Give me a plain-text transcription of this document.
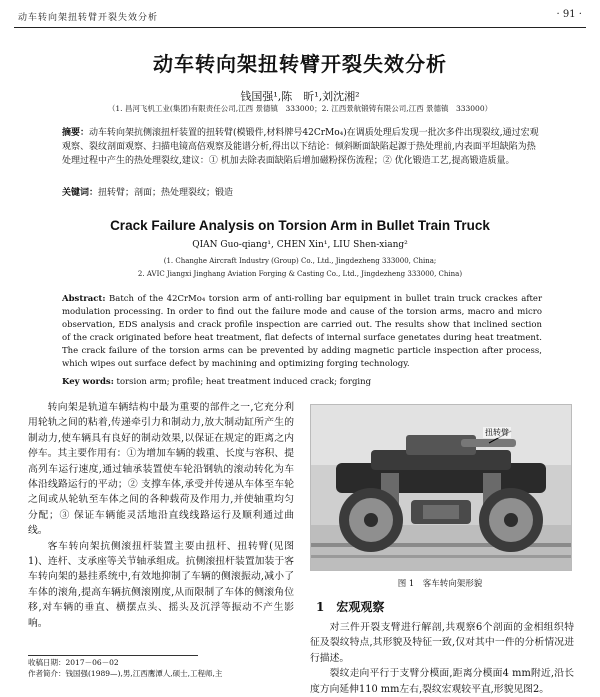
动车转向架扭转臂开裂失效分析	· 91 ·
动车转向架扭转臂开裂失效分析
钱国强¹,陈　昕¹,刘沈湘²
（1. 昌河飞机工业(集团)有限责任公司,江西 景德镇　333000；2. 江西景航锻铸有限公司,江西 景德镇　333000）
摘要：动车转向架抗侧滚扭杆装置的扭转臂(模锻件,材料牌号42CrMo₄)在调质处理后发现一批次多件出现裂纹,通过宏观观察、裂纹剖面观察、扫描电镜高倍观察及能谱分析,得出以下结论：倾斜断面缺陷起源于热处理前,内表面平坦缺陷为热处理过程中产生的热处理裂纹,建议：① 机加去除表面缺陷后增加磁粉探伤流程；② 优化锻造工艺,提高锻造质量。
关键词：扭转臂；剖面；热处理裂纹；锻造
Crack Failure Analysis on Torsion Arm in Bullet Train Truck
QIAN Guo-qiang¹, CHEN Xin¹, LIU Shen-xiang²
(1. Changhe Aircraft Industry (Group) Co., Ltd., Jingdezheng 333000, China;
2. AVIC Jiangxi Jinghang Aviation Forging & Casting Co., Ltd., Jingdezheng 333000, China)
Abstract: Batch of the 42CrMo₄ torsion arm of anti-rolling bar equipment in bullet train truck crackes after modulation processing. In order to find out the failure mode and cause of the torsion arms, macro and micro observation, EDS analysis and crack profile inspection are carried out. The results show that inclined section of the crack originated before heat treatment, flat defects of internal surface genetates during heat treatment. The crack failure of the torsion arms can be prevented by adding magnetic particle inspection after process, which wipes out surface defect by machining and optimizing forging technology.
Key words: torsion arm; profile; heat treatment induced crack; forging

转向架是轨道车辆结构中最为重要的部件之一,它充分利用轮轨之间的粘着,传递牵引力和制动力,放大制动缸所产生的制动力,使车辆具有良好的制动效果,以保证在规定的距离之内停车。其主要作用有：①为增加车辆的载重、长度与容积、提高列车运行速度,通过轴承装置使车轮沿钢轨的滚动转化为车体沿线路运行的平动；② 支撑车体,承受并传递从车体至车轮之间或从轮轨至车体之间的各种载荷及作用力,并使轴重均匀分配；③ 保证车辆能灵活地沿直线线路运行及顺利通过曲线。

客车转向架抗侧滚扭杆装置主要由扭杆、扭转臂(见图1)、连杆、支承座等关节轴承组成。抗侧滚扭杆装置加装于客车转向架的悬挂系统中,有效地抑制了车辆的侧滚振动,减小了车体的滚角,提高车辆抗侧滚刚度,从而限制了车体的侧滚角位移,对车辆的垂直、横摆点头、摇头及沉浮等振动不产生影响。

扭转臂
图 1　客车转向架形貌
1　宏观观察

对三件开裂支臂进行解剖,共观察6个剖面的金相组织特征及裂纹特点,其形貌及特征一致,仅对其中一件的分析情况进行描述。

裂纹走向平行于支臂分模面,距离分模面4 mm附近,沿长度方向延伸110 mm左右,裂纹宏观较平直,形貌见图2。

收稿日期：2017－06－02
作者简介：钱国强(1989—),男,江西鹰潭人,硕士,工程师,主
